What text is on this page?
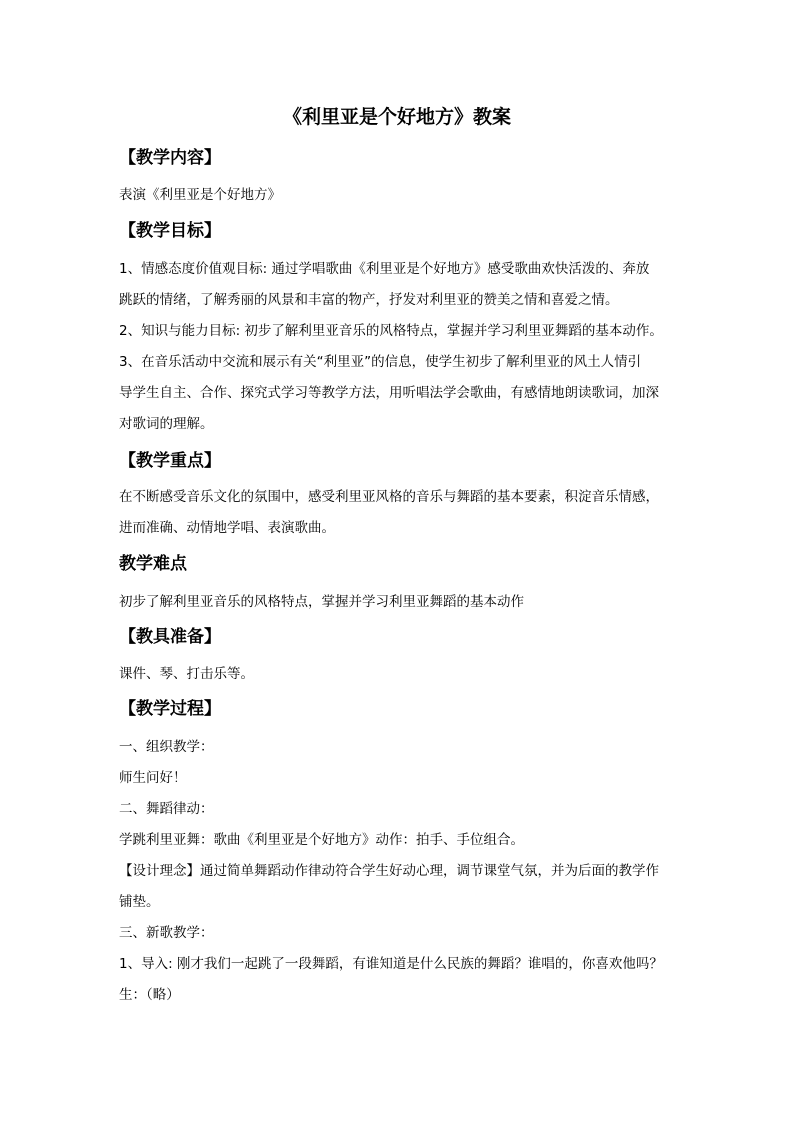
《利里亚是个好地方》教案
【教学内容】

表演《利里亚是个好地方》

【教学目标】

1、情感态度价值观目标: 通过学唱歌曲《利里亚是个好地方》感受歌曲欢快活泼的、奔放

跳跃的情绪，了解秀丽的风景和丰富的物产，抒发对利里亚的赞美之情和喜爱之情。

2、知识与能力目标: 初步了解利里亚音乐的风格特点，掌握并学习利里亚舞蹈的基本动作。

3、在音乐活动中交流和展示有关“利里亚”的信息，使学生初步了解利里亚的风土人情引

导学生自主、合作、探究式学习等教学方法，用听唱法学会歌曲，有感情地朗读歌词，加深

对歌词的理解。

【教学重点】

在不断感受音乐文化的氛围中，感受利里亚风格的音乐与舞蹈的基本要素，积淀音乐情感，

进而准确、动情地学唱、表演歌曲。

教学难点

初步了解利里亚音乐的风格特点，掌握并学习利里亚舞蹈的基本动作

【教具准备】

课件、琴、打击乐等。

【教学过程】

一、组织教学：

师生问好！

二、舞蹈律动：

学跳利里亚舞：歌曲《利里亚是个好地方》动作：拍手、手位组合。

【设计理念】通过简单舞蹈动作律动符合学生好动心理，调节课堂气氛，并为后面的教学作

铺垫。

三、新歌教学：

1、导入: 刚才我们一起跳了一段舞蹈，有谁知道是什么民族的舞蹈？谁唱的，你喜欢他吗？

生：（略）
